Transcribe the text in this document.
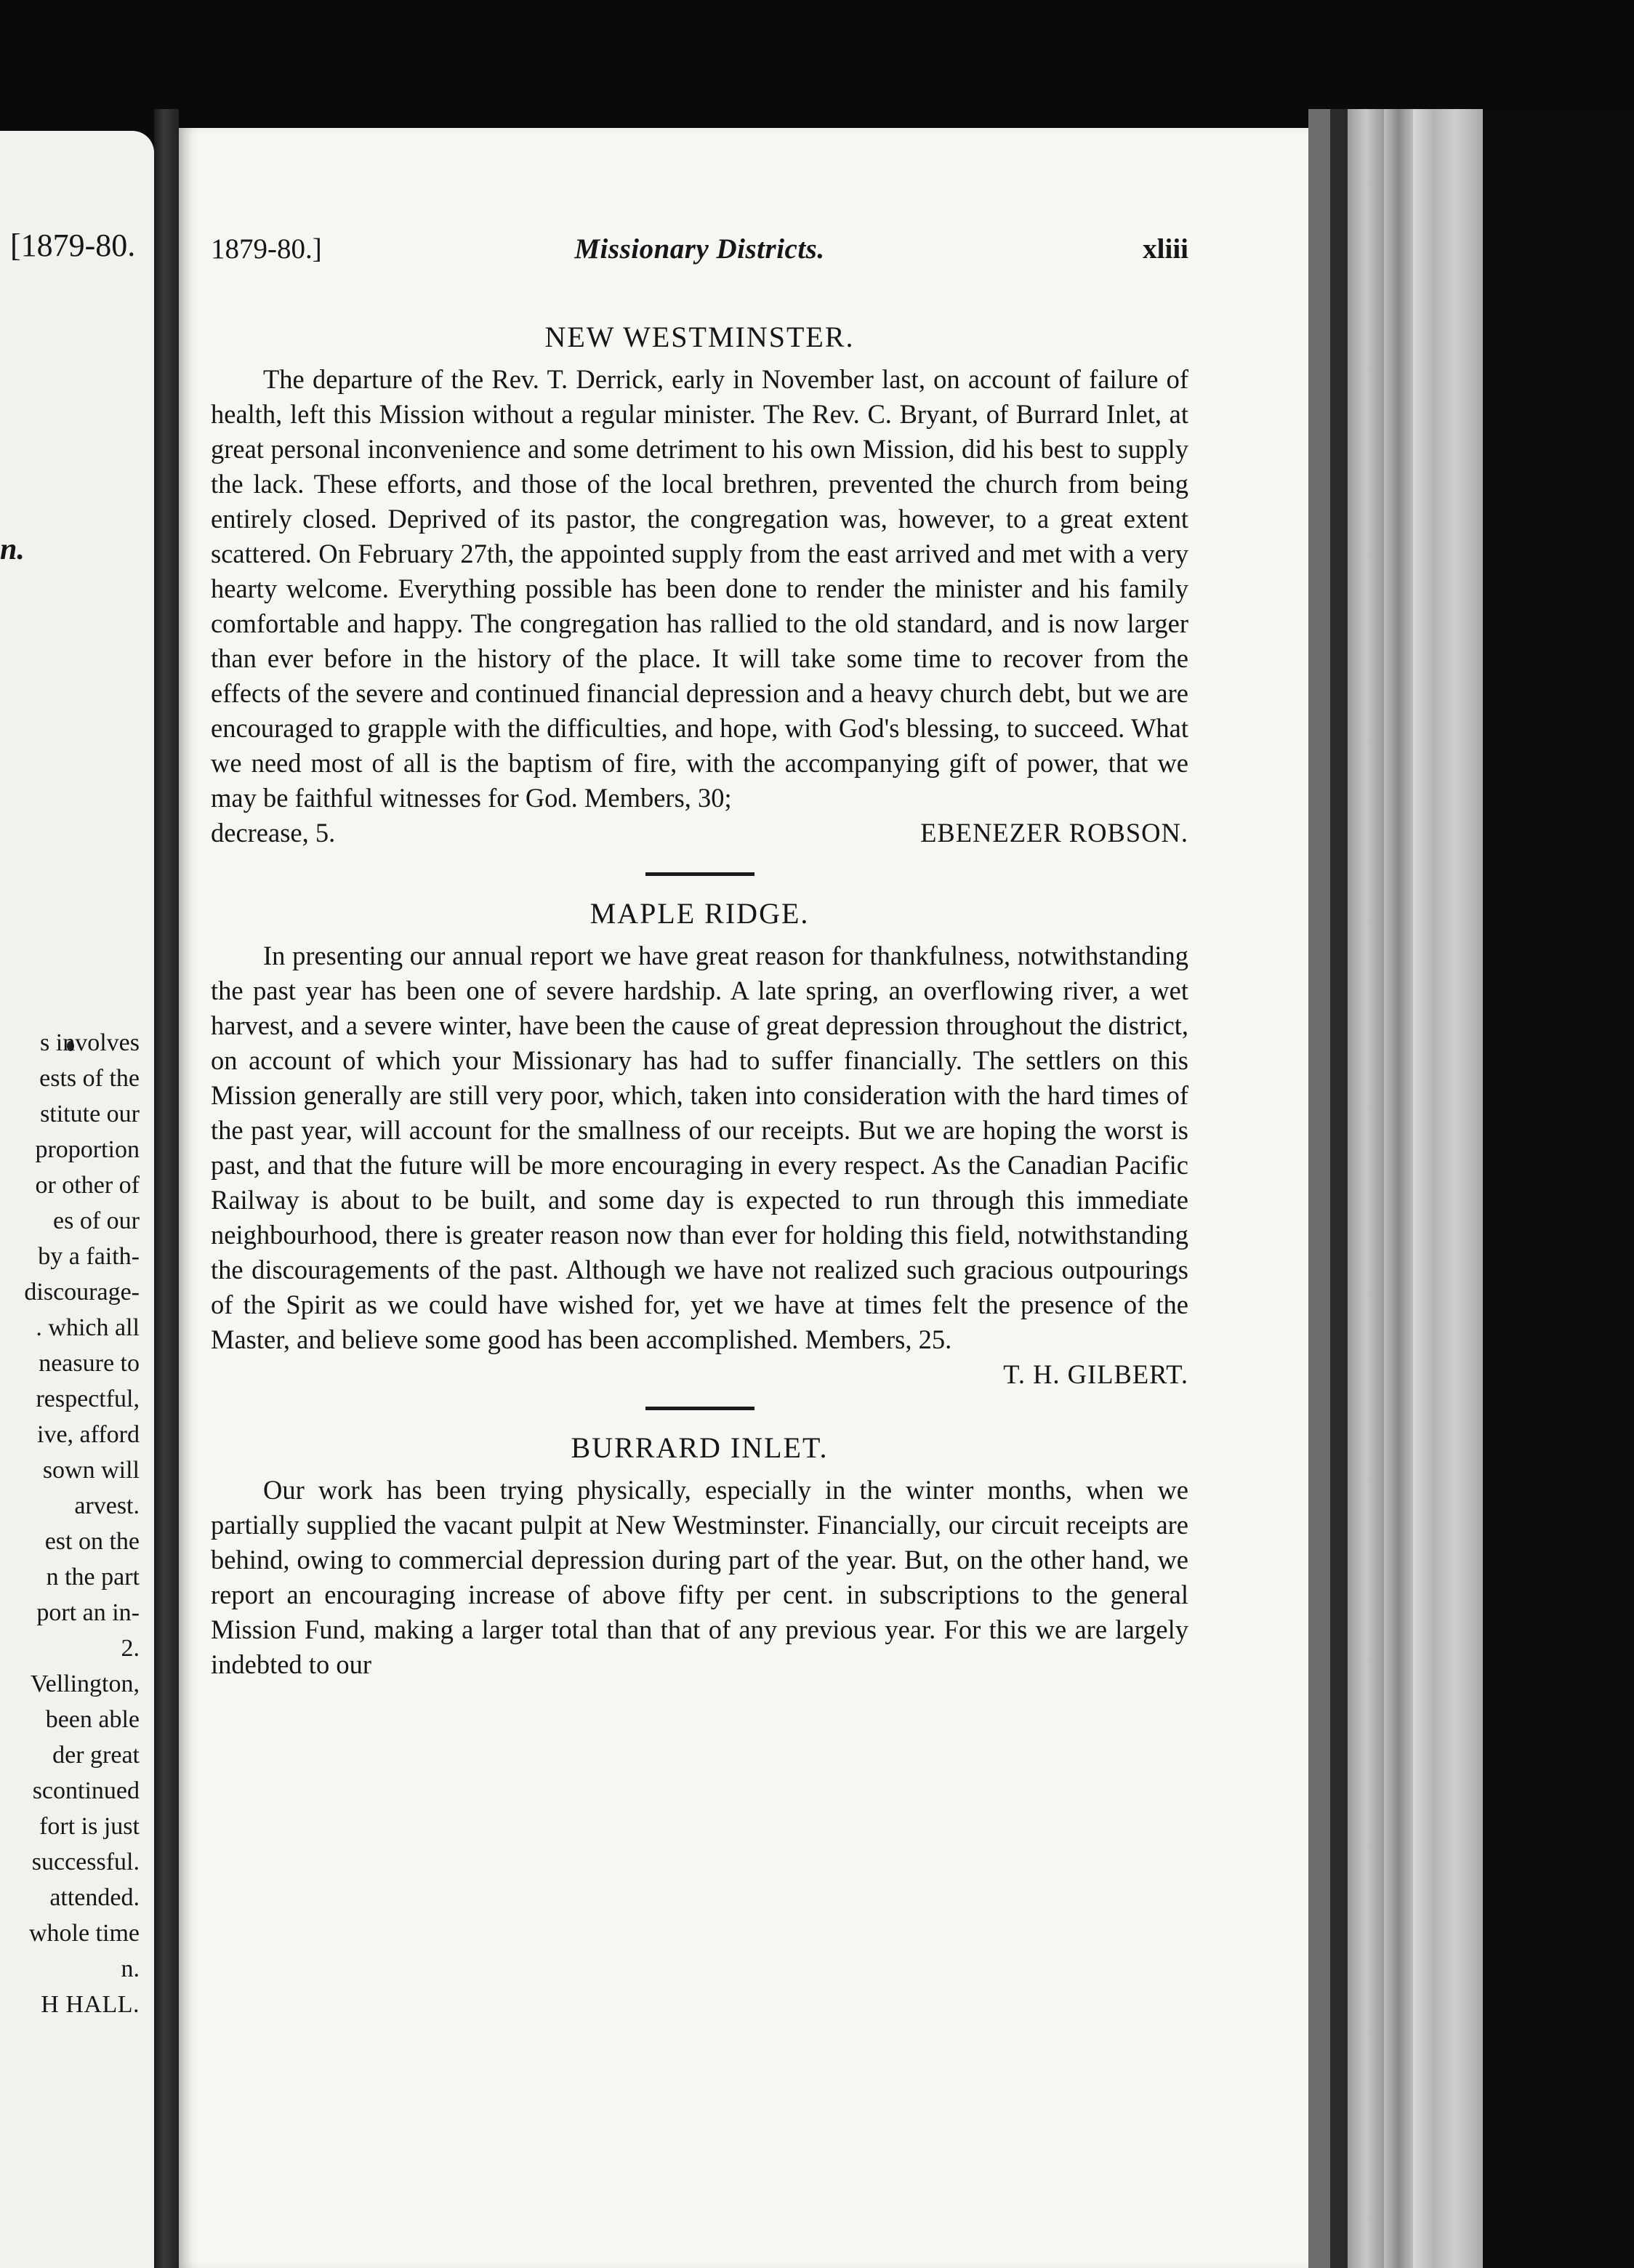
[1879-80.
n.
s involves
ests of the
stitute our
proportion
or other of
es of our
by a faith-
discourage-
. which all
neasure to
respectful,
ive, afford
sown will
arvest.
est on the
n the part
port an in-
2.
Vellington,
been able
der great
scontinued
fort is just
successful.
attended.
whole time
n.
H HALL.
1879-80.]	Missionary Districts.	xliii
NEW WESTMINSTER.

The departure of the Rev. T. Derrick, early in November last, on account of failure of health, left this Mission without a regular minister. The Rev. C. Bryant, of Burrard Inlet, at great personal inconvenience and some detriment to his own Mission, did his best to supply the lack. These efforts, and those of the local brethren, prevented the church from being entirely closed. Deprived of its pastor, the congregation was, however, to a great extent scattered. On February 27th, the appointed supply from the east arrived and met with a very hearty welcome. Everything possible has been done to render the minister and his family comfortable and happy. The congregation has rallied to the old standard, and is now larger than ever before in the history of the place. It will take some time to recover from the effects of the severe and continued financial depression and a heavy church debt, but we are encouraged to grapple with the difficulties, and hope, with God's blessing, to succeed. What we need most of all is the baptism of fire, with the accompanying gift of power, that we may be faithful witnesses for God. Members, 30;

decrease, 5.	EBENEZER ROBSON.
MAPLE RIDGE.

In presenting our annual report we have great reason for thankfulness, notwithstanding the past year has been one of severe hardship. A late spring, an overflowing river, a wet harvest, and a severe winter, have been the cause of great depression throughout the district, on account of which your Missionary has had to suffer financially. The settlers on this Mission generally are still very poor, which, taken into consideration with the hard times of the past year, will account for the smallness of our receipts. But we are hoping the worst is past, and that the future will be more encouraging in every respect. As the Canadian Pacific Railway is about to be built, and some day is expected to run through this immediate neighbourhood, there is greater reason now than ever for holding this field, notwithstanding the discouragements of the past. Although we have not realized such gracious outpourings of the Spirit as we could have wished for, yet we have at times felt the presence of the Master, and believe some good has been accomplished. Members, 25.

T. H. GILBERT.
BURRARD INLET.

Our work has been trying physically, especially in the winter months, when we partially supplied the vacant pulpit at New Westminster. Financially, our circuit receipts are behind, owing to commercial depression during part of the year. But, on the other hand, we report an encouraging increase of above fifty per cent. in subscriptions to the general Mission Fund, making a larger total than that of any previous year. For this we are largely indebted to our
